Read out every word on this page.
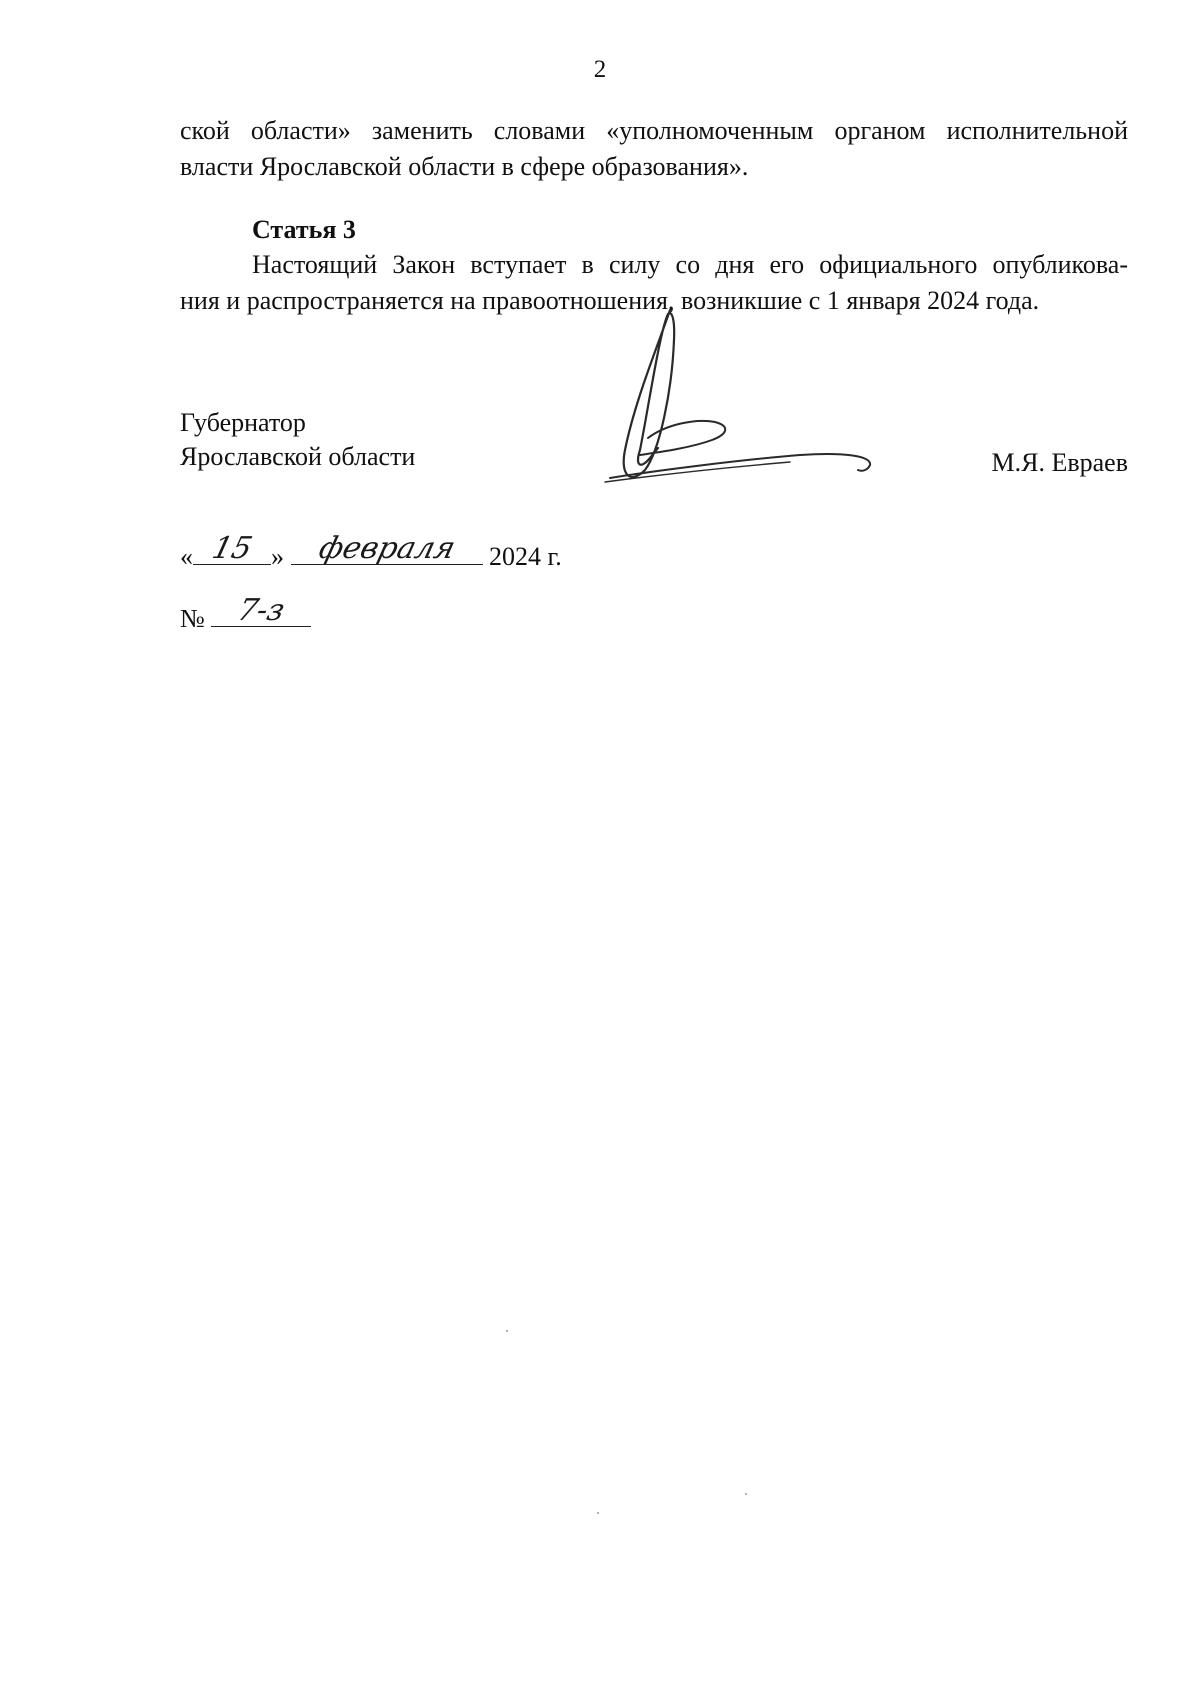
2
ской области» заменить словами «уполномоченным органом исполнительной
власти Ярославской области в сфере образования».
Статья 3
Настоящий Закон вступает в силу со дня его официального опубликова-
ния и распространяется на правоотношения, возникшие с 1 января 2024 года.
Губернатор
Ярославской области	М.Я. Евраев
« 15 »	февраля	2024 г.
№ 7-з
